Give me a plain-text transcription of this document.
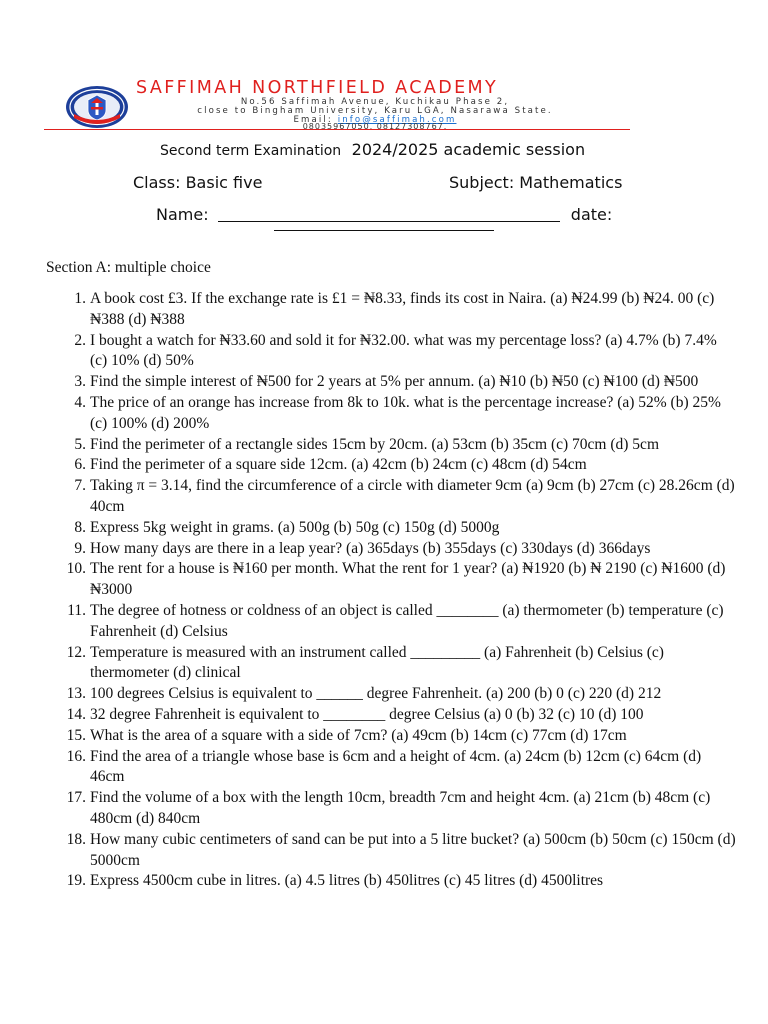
SAFFIMAH NORTHFIELD ACADEMY
No.56 Saffimah Avenue, Kuchikau Phase 2,
close to Bingham University, Karu LGA, Nasarawa State.
Email: info@saffimah.com
08035967050, 08127308767.
Second term Examination 2024/2025 academic session
Class: Basic five	Subject: Mathematics
Name:	date:
Section A: multiple choice
1. A book cost £3. If the exchange rate is £1 = ₦8.33, finds its cost in Naira. (a) ₦24.99 (b) ₦24. 00 (c) ₦388 (d) ₦388
2. I bought a watch for ₦33.60 and sold it for ₦32.00. what was my percentage loss? (a) 4.7% (b) 7.4% (c) 10% (d) 50%
3. Find the simple interest of ₦500 for 2 years at 5% per annum. (a) ₦10 (b) ₦50 (c) ₦100 (d) ₦500
4. The price of an orange has increase from 8k to 10k. what is the percentage increase? (a) 52% (b) 25% (c) 100% (d) 200%
5. Find the perimeter of a rectangle sides 15cm by 20cm. (a) 53cm (b) 35cm (c) 70cm (d) 5cm
6. Find the perimeter of a square side 12cm. (a) 42cm (b) 24cm (c) 48cm (d) 54cm
7. Taking π = 3.14, find the circumference of a circle with diameter 9cm (a) 9cm (b) 27cm (c) 28.26cm (d) 40cm
8. Express 5kg weight in grams. (a) 500g (b) 50g (c) 150g (d) 5000g
9. How many days are there in a leap year? (a) 365days (b) 355days (c) 330days (d) 366days
10. The rent for a house is ₦160 per month. What the rent for 1 year? (a) ₦1920 (b) ₦ 2190 (c) ₦1600 (d) ₦3000
11. The degree of hotness or coldness of an object is called ________ (a) thermometer (b) temperature (c) Fahrenheit (d) Celsius
12. Temperature is measured with an instrument called _________ (a) Fahrenheit (b) Celsius (c) thermometer (d) clinical
13. 100 degrees Celsius is equivalent to ______ degree Fahrenheit. (a) 200 (b) 0 (c) 220 (d) 212
14. 32 degree Fahrenheit is equivalent to ________ degree Celsius (a) 0 (b) 32 (c) 10 (d) 100
15. What is the area of a square with a side of 7cm? (a) 49cm (b) 14cm (c) 77cm (d) 17cm
16. Find the area of a triangle whose base is 6cm and a height of 4cm. (a) 24cm (b) 12cm (c) 64cm (d) 46cm
17. Find the volume of a box with the length 10cm, breadth 7cm and height 4cm. (a) 21cm (b) 48cm (c) 480cm (d) 840cm
18. How many cubic centimeters of sand can be put into a 5 litre bucket? (a) 500cm (b) 50cm (c) 150cm (d) 5000cm
19. Express 4500cm cube in litres. (a) 4.5 litres (b) 450litres (c) 45 litres (d) 4500litres
